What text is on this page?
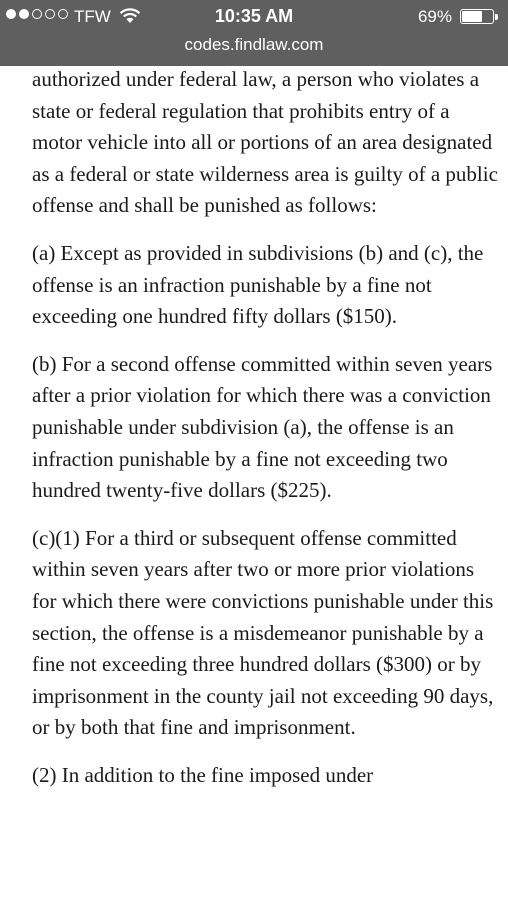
TFW	10:35 AM	69%
codes.findlaw.com

authorized under federal law, a person who violates a state or federal regulation that prohibits entry of a motor vehicle into all or portions of an area designated as a federal or state wilderness area is guilty of a public offense and shall be punished as follows:

(a) Except as provided in subdivisions (b) and (c), the offense is an infraction punishable by a fine not exceeding one hundred fifty dollars ($150).

(b) For a second offense committed within seven years after a prior violation for which there was a conviction punishable under subdivision (a), the offense is an infraction punishable by a fine not exceeding two hundred twenty-five dollars ($225).

(c)(1) For a third or subsequent offense committed within seven years after two or more prior violations for which there were convictions punishable under this section, the offense is a misdemeanor punishable by a fine not exceeding three hundred dollars ($300) or by imprisonment in the county jail not exceeding 90 days, or by both that fine and imprisonment.

(2) In addition to the fine imposed under
